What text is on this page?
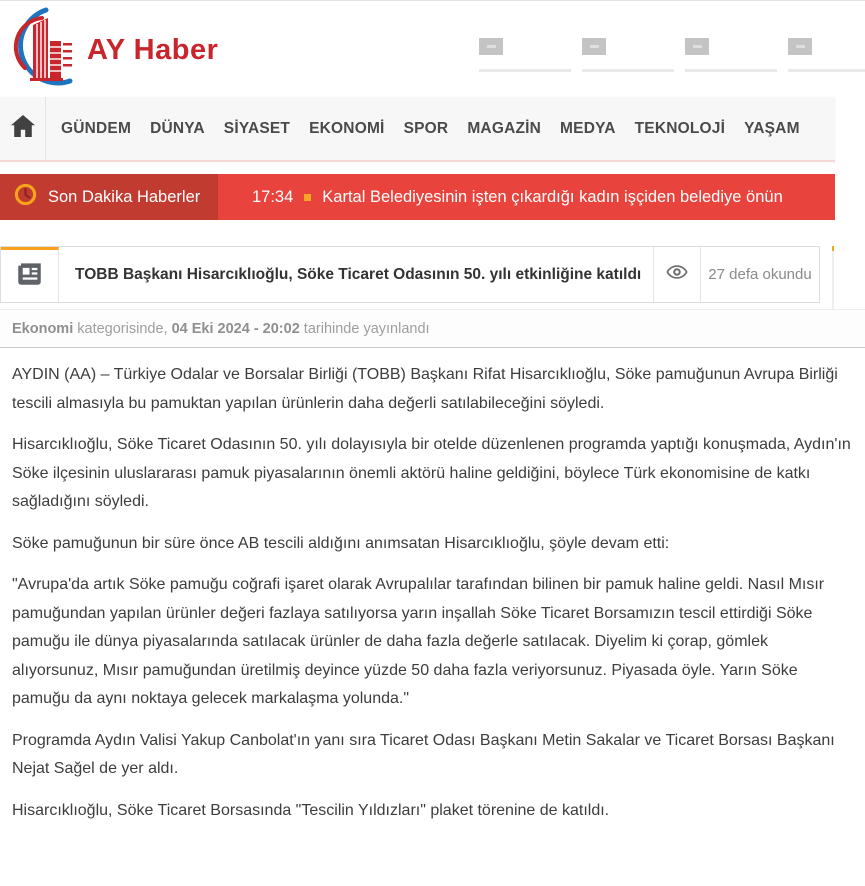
AY Haber
GÜNDEM DÜNYA SİYASET EKONOMİ SPOR MAGAZİN MEDYA TEKNOLOJİ YAŞAM
Son Dakika Haberler	17:34 Kartal Belediyesinin işten çıkardığı kadın işçiden belediye önün
TOBB Başkanı Hisarcıklıoğlu, Söke Ticaret Odasının 50. yılı etkinliğine katıldı	27 defa okundu
Ekonomi kategorisinde, 04 Eki 2024 - 20:02 tarihinde yayınlandı

AYDIN (AA) – Türkiye Odalar ve Borsalar Birliği (TOBB) Başkanı Rifat Hisarcıklıoğlu, Söke pamuğunun Avrupa Birliği tescili almasıyla bu pamuktan yapılan ürünlerin daha değerli satılabileceğini söyledi.

Hisarcıklıoğlu, Söke Ticaret Odasının 50. yılı dolayısıyla bir otelde düzenlenen programda yaptığı konuşmada, Aydın'ın Söke ilçesinin uluslararası pamuk piyasalarının önemli aktörü haline geldiğini, böylece Türk ekonomisine de katkı sağladığını söyledi.

Söke pamuğunun bir süre önce AB tescili aldığını anımsatan Hisarcıklıoğlu, şöyle devam etti:

"Avrupa'da artık Söke pamuğu coğrafi işaret olarak Avrupalılar tarafından bilinen bir pamuk haline geldi. Nasıl Mısır pamuğundan yapılan ürünler değeri fazlaya satılıyorsa yarın inşallah Söke Ticaret Borsamızın tescil ettirdiği Söke pamuğu ile dünya piyasalarında satılacak ürünler de daha fazla değerle satılacak. Diyelim ki çorap, gömlek alıyorsunuz, Mısır pamuğundan üretilmiş deyince yüzde 50 daha fazla veriyorsunuz. Piyasada öyle. Yarın Söke pamuğu da aynı noktaya gelecek markalaşma yolunda."

Programda Aydın Valisi Yakup Canbolat'ın yanı sıra Ticaret Odası Başkanı Metin Sakalar ve Ticaret Borsası Başkanı Nejat Sağel de yer aldı.

Hisarcıklıoğlu, Söke Ticaret Borsasında "Tescilin Yıldızları" plaket törenine de katıldı.
